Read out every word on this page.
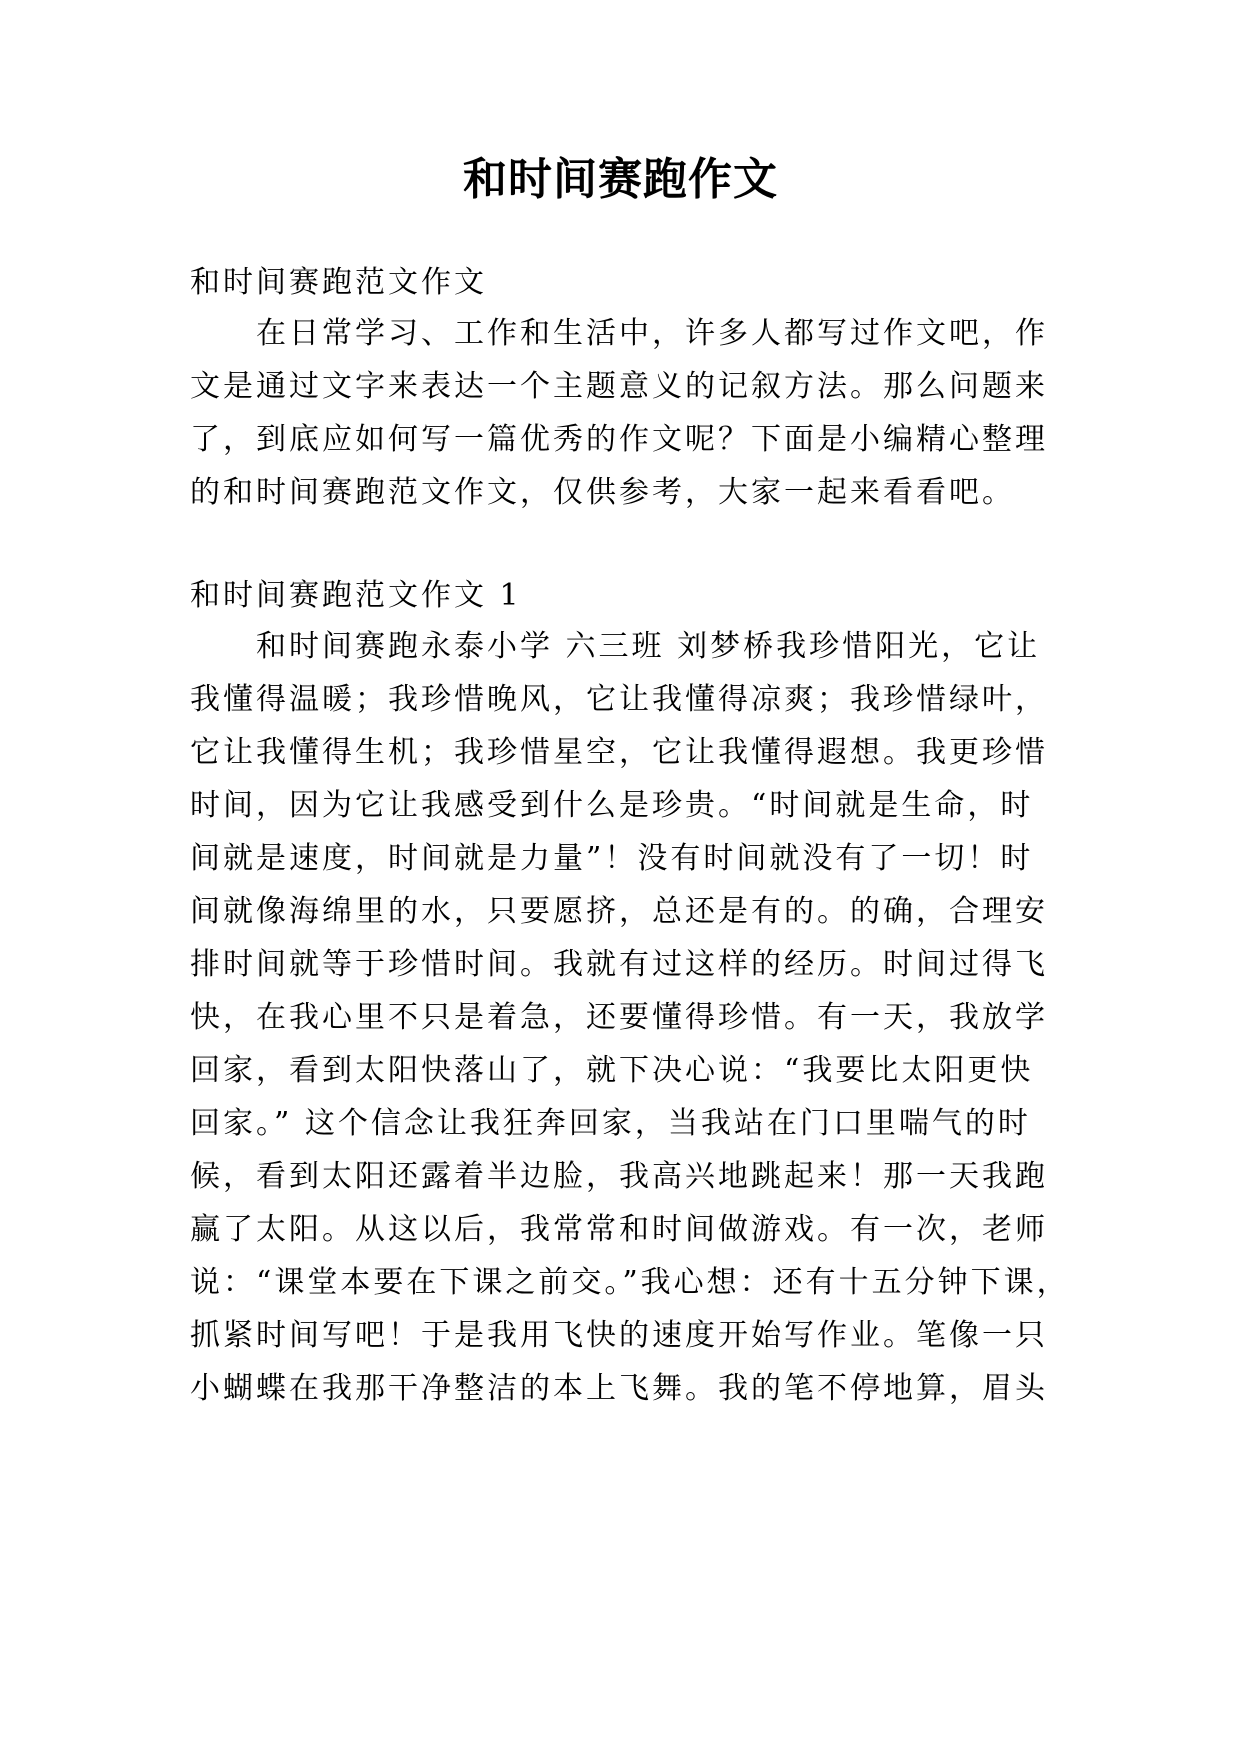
和时间赛跑作文
和时间赛跑范文作文
在日常学习、工作和生活中，许多人都写过作文吧，作
文是通过文字来表达一个主题意义的记叙方法。那么问题来
了，到底应如何写一篇优秀的作文呢？下面是小编精心整理
的和时间赛跑范文作文，仅供参考，大家一起来看看吧。
和时间赛跑范文作文 1
和时间赛跑永泰小学 六三班 刘梦桥我珍惜阳光，它让
我懂得温暖；我珍惜晚风，它让我懂得凉爽；我珍惜绿叶，
它让我懂得生机；我珍惜星空，它让我懂得遐想。我更珍惜
时间，因为它让我感受到什么是珍贵。“时间就是生命，时
间就是速度，时间就是力量”！没有时间就没有了一切！时
间就像海绵里的水，只要愿挤，总还是有的。的确，合理安
排时间就等于珍惜时间。我就有过这样的经历。时间过得飞
快，在我心里不只是着急，还要懂得珍惜。有一天，我放学
回家，看到太阳快落山了，就下决心说：“我要比太阳更快
回家。” 这个信念让我狂奔回家，当我站在门口里喘气的时
候，看到太阳还露着半边脸，我高兴地跳起来！那一天我跑
赢了太阳。从这以后，我常常和时间做游戏。有一次，老师
说：“课堂本要在下课之前交。”我心想：还有十五分钟下课，
抓紧时间写吧！于是我用飞快的速度开始写作业。笔像一只
小蝴蝶在我那干净整洁的本上飞舞。我的笔不停地算，眉头
